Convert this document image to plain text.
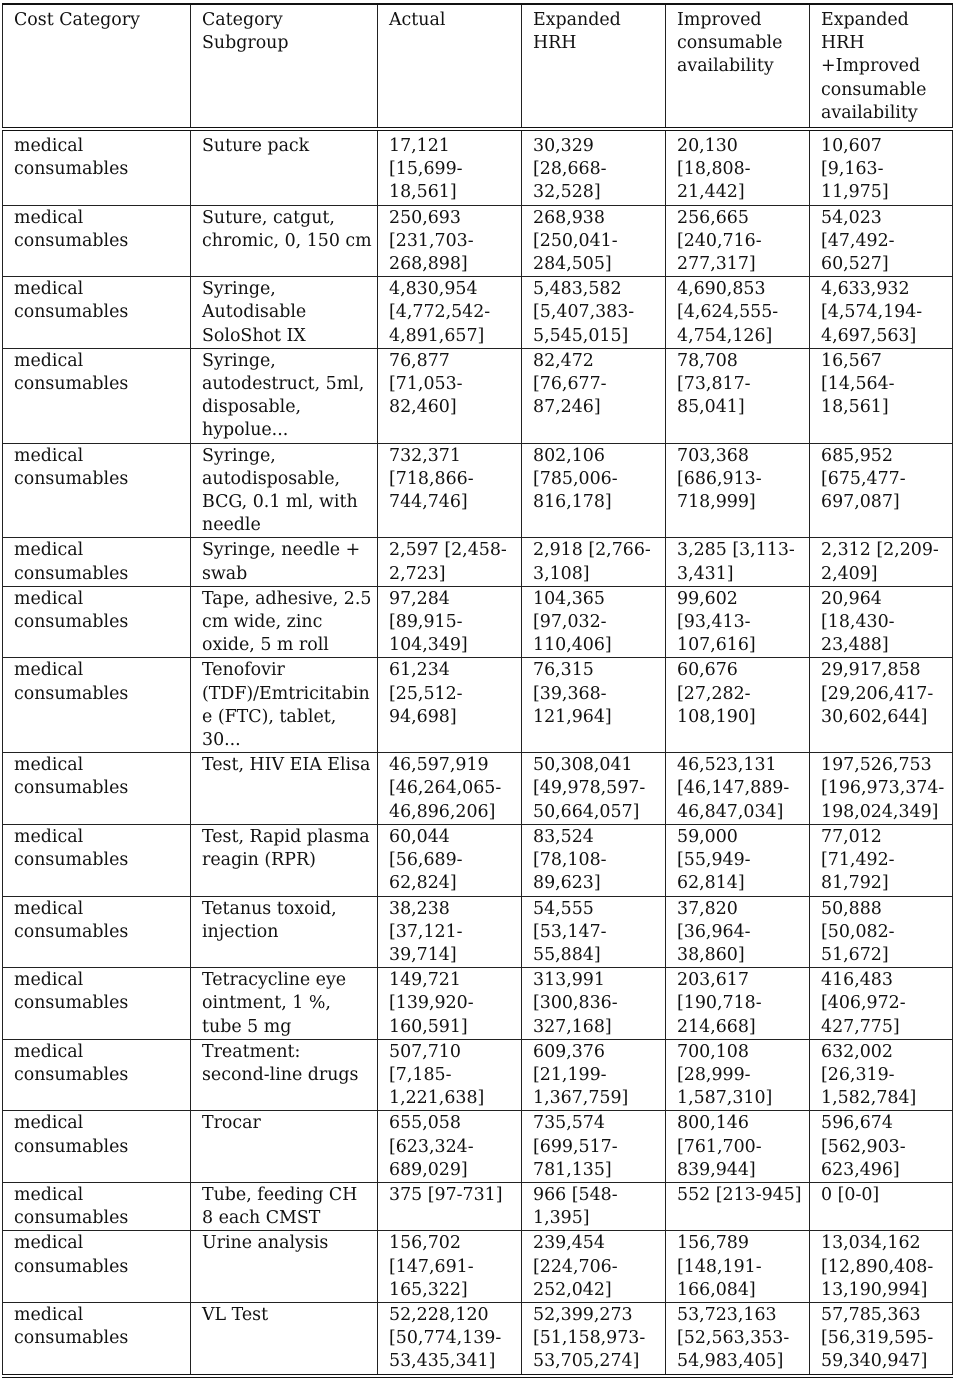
Cost Category	Category Subgroup	Actual	Expanded HRH	Improved consumable availability	Expanded HRH +Improved consumable availability
medical consumables	Suture pack	17,121 [15,699-18,561]	30,329 [28,668-32,528]	20,130 [18,808-21,442]	10,607 [9,163-11,975]
medical consumables	Suture, catgut, chromic, 0, 150 cm	250,693 [231,703-268,898]	268,938 [250,041-284,505]	256,665 [240,716-277,317]	54,023 [47,492-60,527]
medical consumables	Syringe, Autodisable SoloShot IX	4,830,954 [4,772,542-4,891,657]	5,483,582 [5,407,383-5,545,015]	4,690,853 [4,624,555-4,754,126]	4,633,932 [4,574,194-4,697,563]
medical consumables	Syringe, autodestruct, 5ml, disposable, hypolue...	76,877 [71,053-82,460]	82,472 [76,677-87,246]	78,708 [73,817-85,041]	16,567 [14,564-18,561]
medical consumables	Syringe, autodisposable, BCG, 0.1 ml, with needle	732,371 [718,866-744,746]	802,106 [785,006-816,178]	703,368 [686,913-718,999]	685,952 [675,477-697,087]
medical consumables	Syringe, needle + swab	2,597 [2,458-2,723]	2,918 [2,766-3,108]	3,285 [3,113-3,431]	2,312 [2,209-2,409]
medical consumables	Tape, adhesive, 2.5 cm wide, zinc oxide, 5 m roll	97,284 [89,915-104,349]	104,365 [97,032-110,406]	99,602 [93,413-107,616]	20,964 [18,430-23,488]
medical consumables	Tenofovir (TDF)/Emtricitabine (FTC), tablet, 30...	61,234 [25,512-94,698]	76,315 [39,368-121,964]	60,676 [27,282-108,190]	29,917,858 [29,206,417-30,602,644]
medical consumables	Test, HIV EIA Elisa	46,597,919 [46,264,065-46,896,206]	50,308,041 [49,978,597-50,664,057]	46,523,131 [46,147,889-46,847,034]	197,526,753 [196,973,374-198,024,349]
medical consumables	Test, Rapid plasma reagin (RPR)	60,044 [56,689-62,824]	83,524 [78,108-89,623]	59,000 [55,949-62,814]	77,012 [71,492-81,792]
medical consumables	Tetanus toxoid, injection	38,238 [37,121-39,714]	54,555 [53,147-55,884]	37,820 [36,964-38,860]	50,888 [50,082-51,672]
medical consumables	Tetracycline eye ointment, 1 %, tube 5 mg	149,721 [139,920-160,591]	313,991 [300,836-327,168]	203,617 [190,718-214,668]	416,483 [406,972-427,775]
medical consumables	Treatment: second-line drugs	507,710 [7,185-1,221,638]	609,376 [21,199-1,367,759]	700,108 [28,999-1,587,310]	632,002 [26,319-1,582,784]
medical consumables	Trocar	655,058 [623,324-689,029]	735,574 [699,517-781,135]	800,146 [761,700-839,944]	596,674 [562,903-623,496]
medical consumables	Tube, feeding CH 8 each CMST	375 [97-731]	966 [548-1,395]	552 [213-945]	0 [0-0]
medical consumables	Urine analysis	156,702 [147,691-165,322]	239,454 [224,706-252,042]	156,789 [148,191-166,084]	13,034,162 [12,890,408-13,190,994]
medical consumables	VL Test	52,228,120 [50,774,139-53,435,341]	52,399,273 [51,158,973-53,705,274]	53,723,163 [52,563,353-54,983,405]	57,785,363 [56,319,595-59,340,947]
